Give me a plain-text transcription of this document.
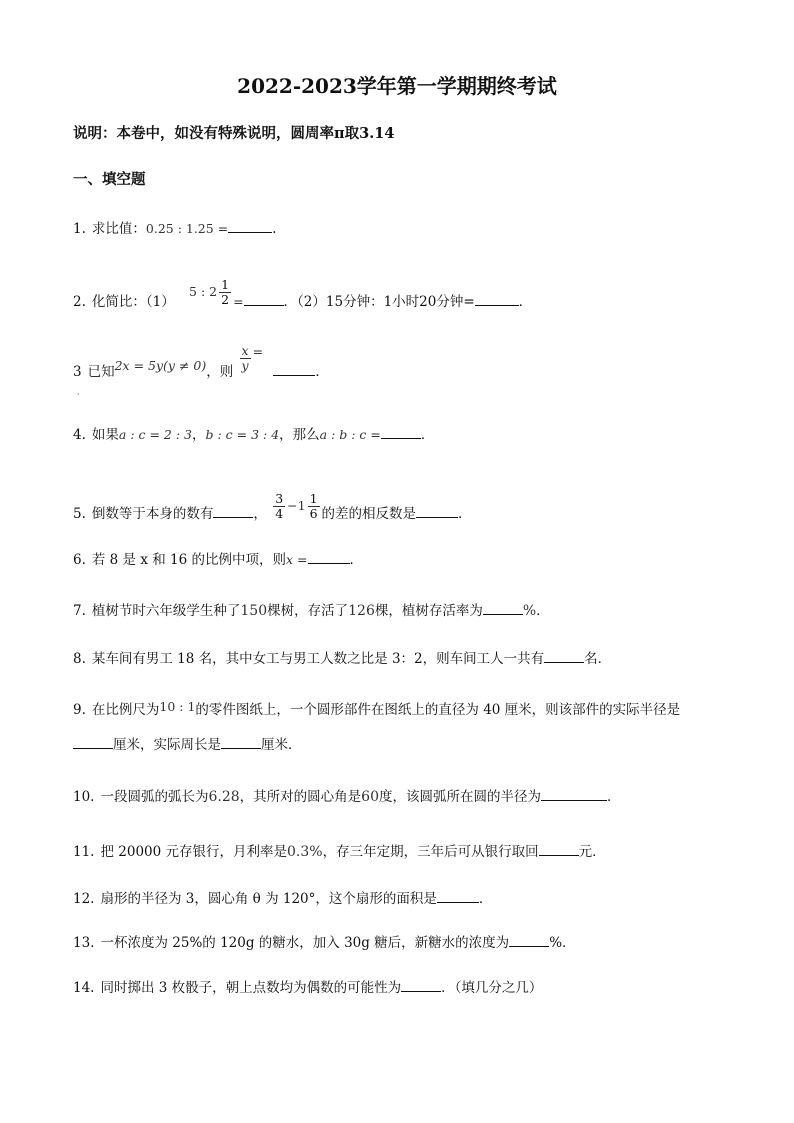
2022-2023学年第一学期期终考试
说明：本卷中，如没有特殊说明，圆周率π取3.14
一、填空题
1. 求比值：0.25 : 1.25 =	.
2. 化简比：（1） 5 : $2 \frac{1}{2}$ =	．（2）15分钟：1小时20分钟=	．
3 已知2x = 5y(y ≠ 0)，则 $\frac{x}{y}$ = ．
·
4. 如果a : c = 2 : 3，b : c = 3 : 4，那么a : b : c =	．
5. 倒数等于本身的数有	， $\frac{3}{4} -1 \frac{1}{6}$ 的差的相反数是	．
6. 若 8 是 x 和 16 的比例中项，则x =	．
7. 植树节时六年级学生种了150棵树，存活了126棵，植树存活率为	%．
8. 某车间有男工 18 名，其中女工与男工人数之比是 3：2，则车间工人一共有	名．
9. 在比例尺为10 : 1的零件图纸上，一个圆形部件在图纸上的直径为 40 厘米，则该部件的实际半径是
厘米，实际周长是	厘米．
10. 一段圆弧的弧长为6.28，其所对的圆心角是60度，该圆弧所在圆的半径为	．
11. 把 20000 元存银行，月利率是0.3%，存三年定期，三年后可从银行取回	元．
12. 扇形的半径为 3，圆心角 θ 为 120°，这个扇形的面积是	．
13. 一杯浓度为 25%的 120g 的糖水，加入 30g 糖后，新糖水的浓度为	%．
14. 同时掷出 3 枚骰子，朝上点数均为偶数的可能性为	．（填几分之几）
